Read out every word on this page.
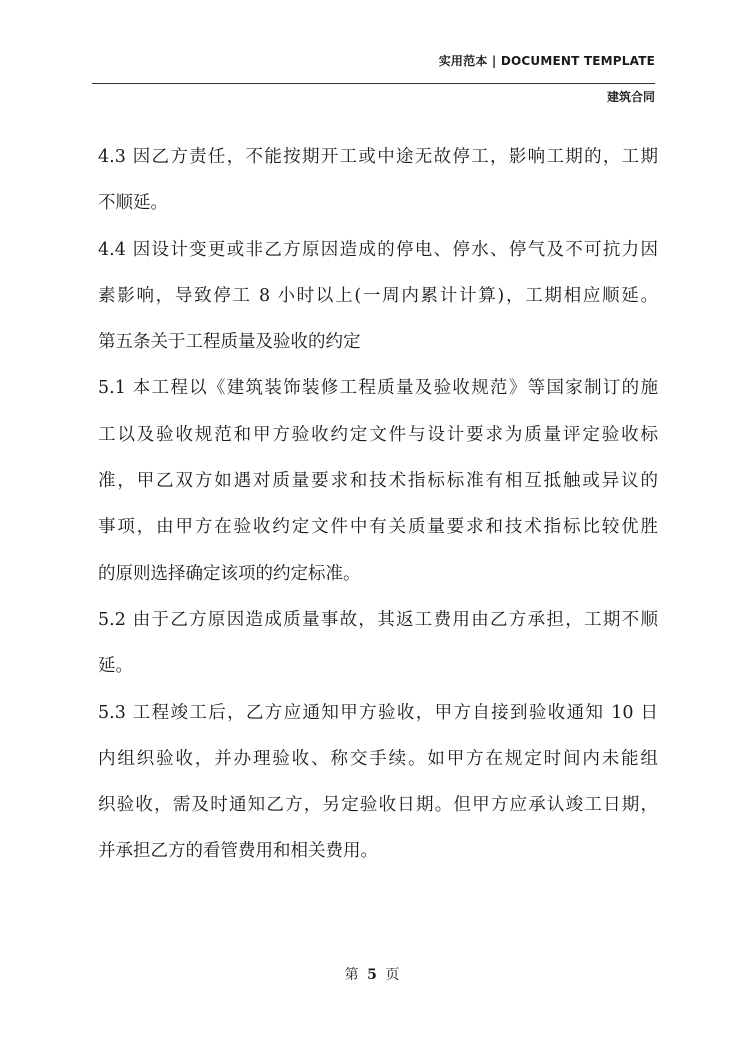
实用范本 | DOCUMENT TEMPLATE
建筑合同
4.3 因乙方责任，不能按期开工或中途无故停工，影响工期的，工期
不顺延。
4.4 因设计变更或非乙方原因造成的停电、停水、停气及不可抗力因
素影响，导致停工 8 小时以上(一周内累计计算)，工期相应顺延。
第五条关于工程质量及验收的约定
5.1 本工程以《建筑装饰装修工程质量及验收规范》等国家制订的施
工以及验收规范和甲方验收约定文件与设计要求为质量评定验收标
准，甲乙双方如遇对质量要求和技术指标标准有相互抵触或异议的
事项，由甲方在验收约定文件中有关质量要求和技术指标比较优胜
的原则选择确定该项的约定标准。
5.2 由于乙方原因造成质量事故，其返工费用由乙方承担，工期不顺
延。
5.3 工程竣工后，乙方应通知甲方验收，甲方自接到验收通知 10 日
内组织验收，并办理验收、称交手续。如甲方在规定时间内未能组
织验收，需及时通知乙方，另定验收日期。但甲方应承认竣工日期，
并承担乙方的看管费用和相关费用。
第 5 页
